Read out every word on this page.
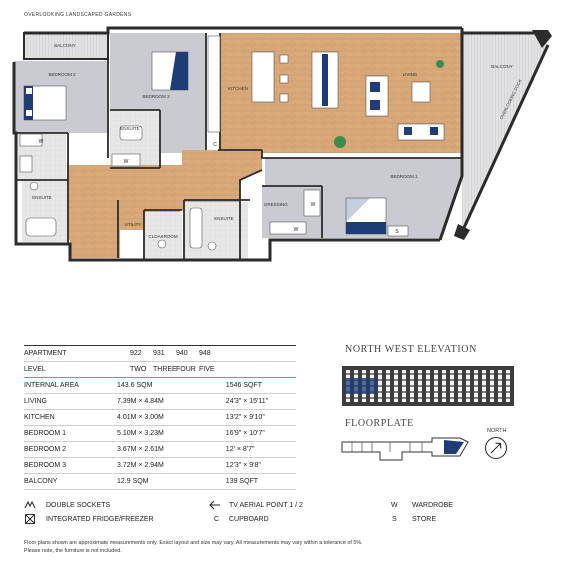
OVERLOOKING LANDSCAPED GARDENS
BALCONY
BEDROOM 2
BEDROOM 3
KITCHEN
LIVING
BALCONY
ENSUITE
ENSUITE
ENSUITE
BEDROOM 1
DRESSING
UTILITY
CLOAKROOM
W
W
W
W	S
C
OVERLOOKING DOCK
APARTMENT	922	931	940	948
LEVEL	TWO THREE FOUR FIVE
INTERNAL AREA	143.6 SQM	1546 SQFT
LIVING	7.39M × 4.84M	24'3" × 15'11"
KITCHEN	4.01M × 3.00M	13'2" × 9'10"
BEDROOM 1	5.10M × 3.23M	16'9" × 10'7"
BEDROOM 2	3.67M × 2.61M	12' × 8'7"
BEDROOM 3	3.72M × 2.94M	12'3" × 9'8"
BALCONY	12.9 SQM	139 SQFT
NORTH WEST ELEVATION
FLOORPLATE
NORTH
DOUBLE SOCKETS
INTEGRATED FRIDGE/FREEZER
TV AERIAL POINT 1 / 2
C CUPBOARD
W WARDROBE
S STORE
Floor plans shown are approximate measurements only. Exact layout and size may vary. All measurements may vary within a tolerance of 5%.
Please note, the furniture is not included.
